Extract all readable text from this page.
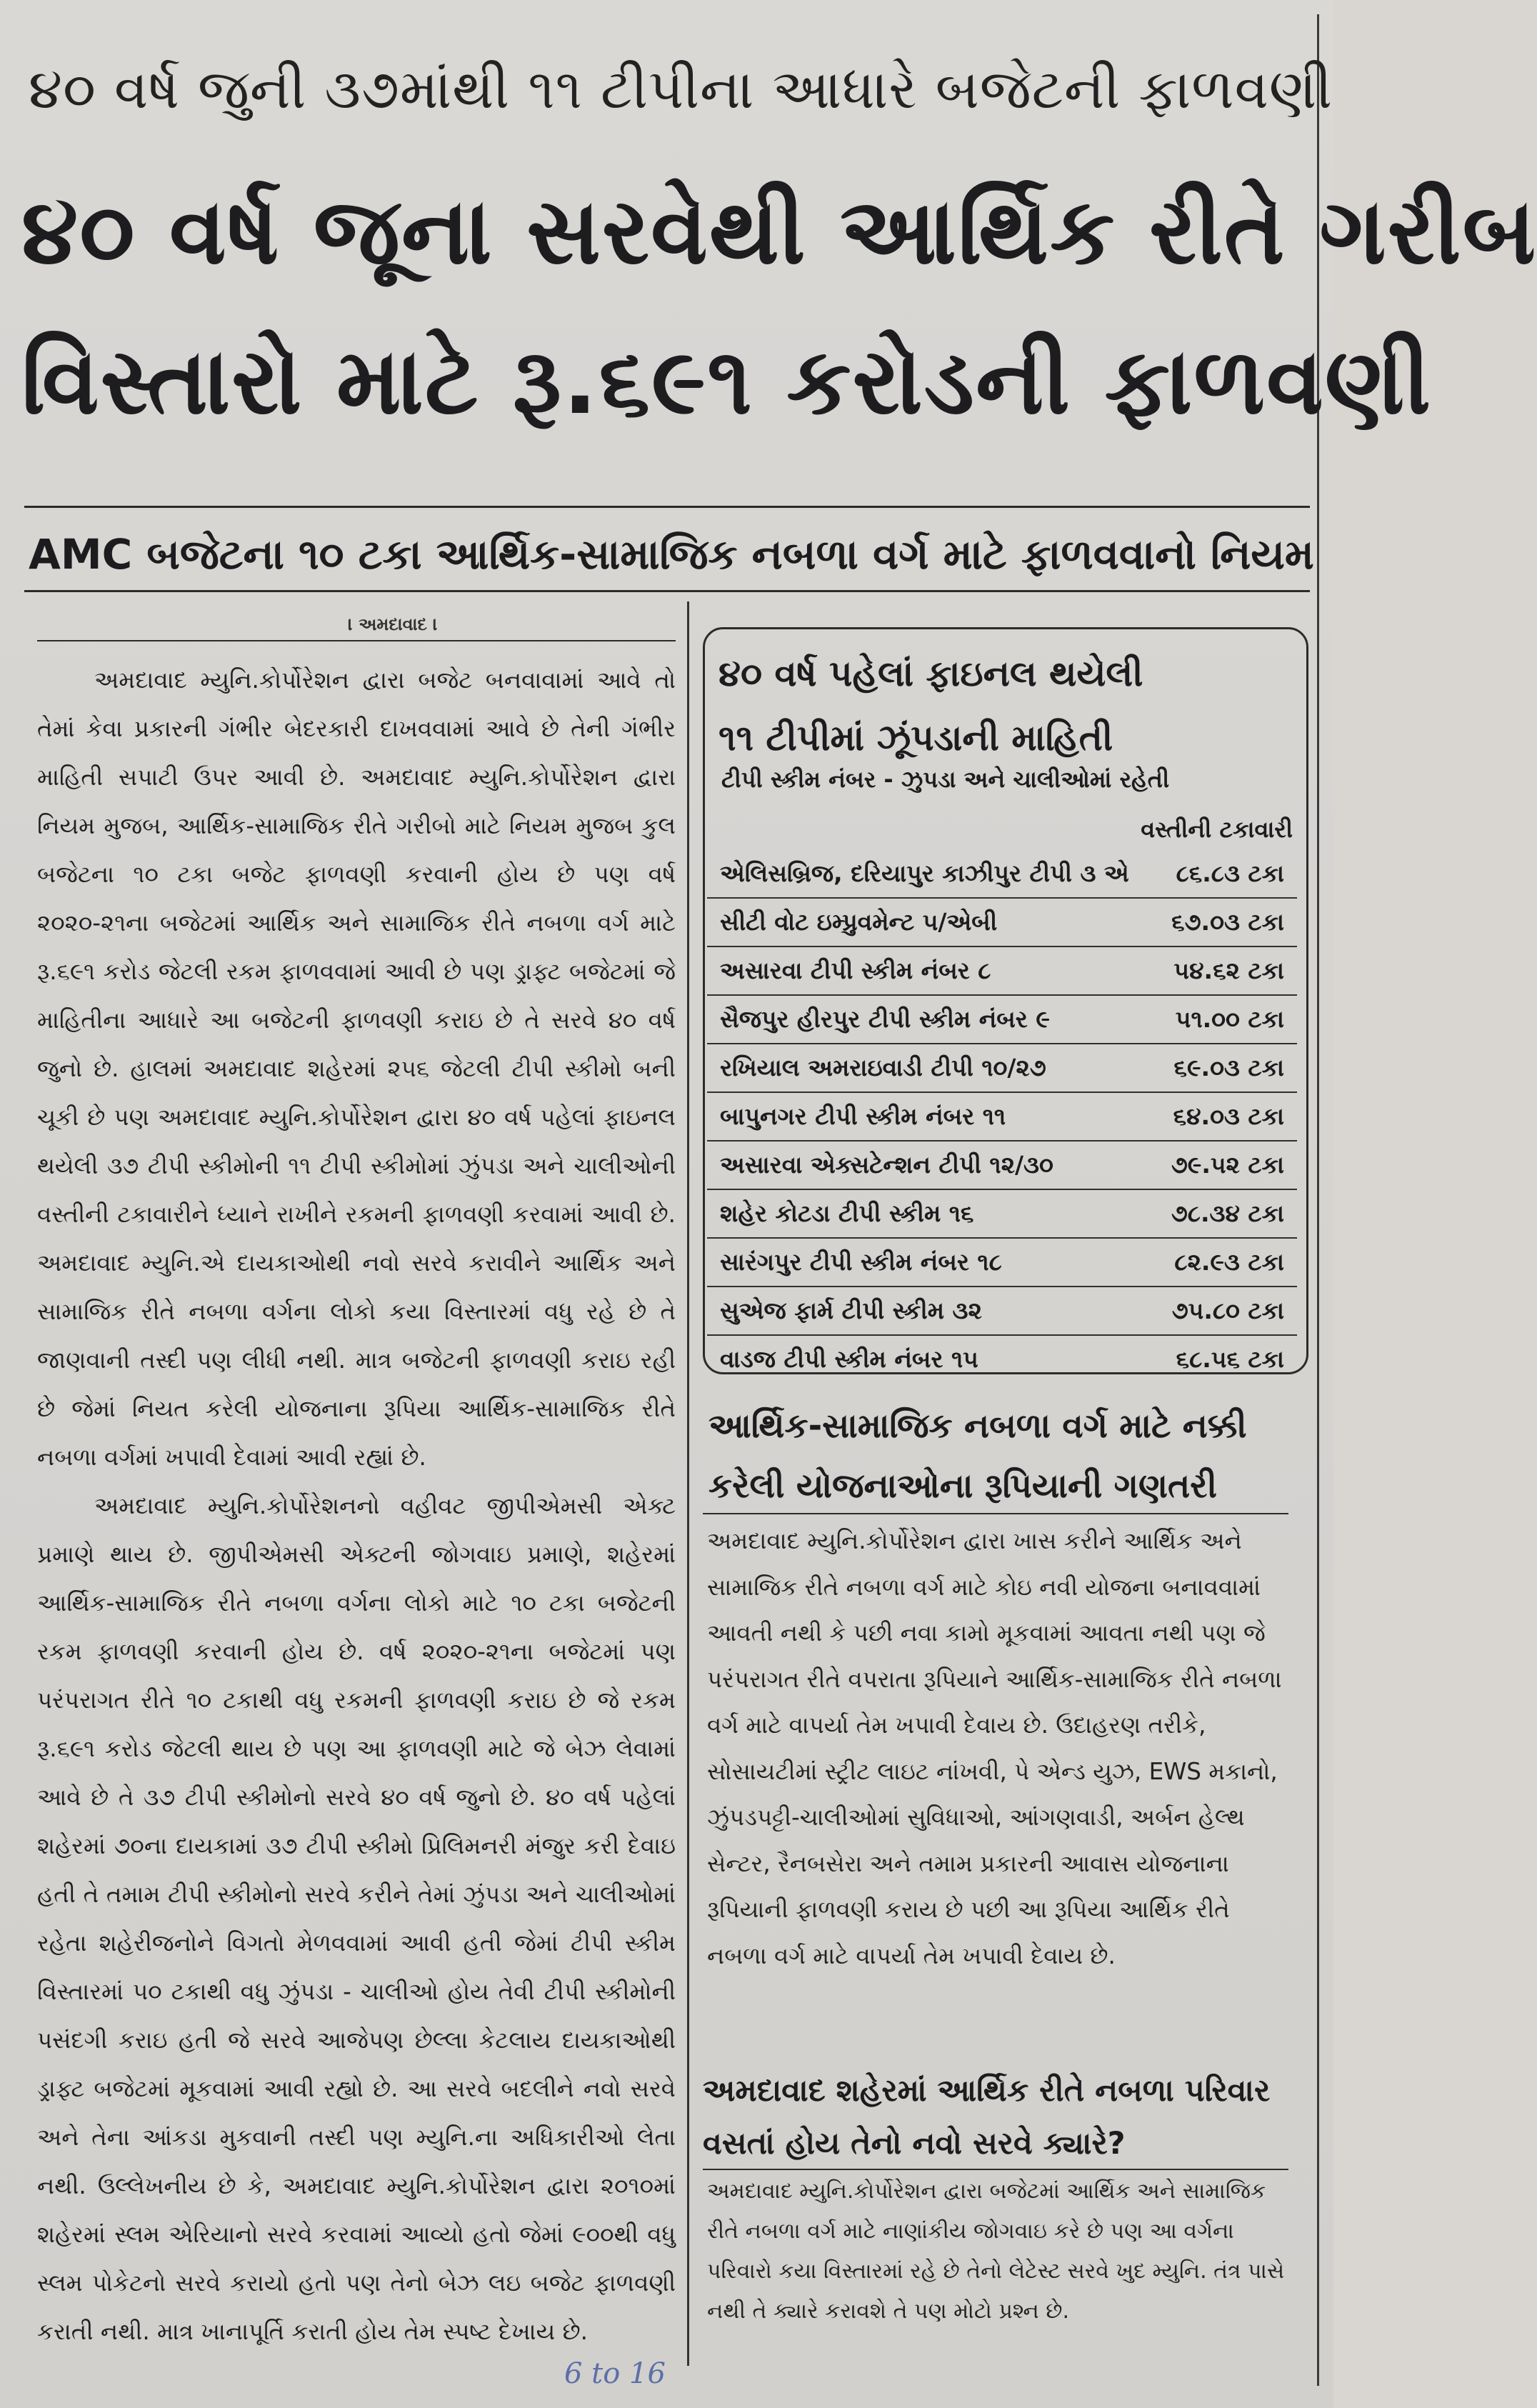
૪૦ વર્ષ જુની ૩૭માંથી ૧૧ ટીપીના આધારે બજેટની ફાળવણી
૪૦ વર્ષ જૂના સરવેથી આર્થિક રીતે ગરીબ
વિસ્તારો માટે રૂ.૬૯૧ કરોડની ફાળવણી
AMC બજેટના ૧૦ ટકા આર્થિક-સામાજિક નબળા વર્ગ માટે ફાળવવાનો નિયમ
। અમદાવાદ ।

અમદાવાદ મ્યુનિ.કોર્પોરેશન દ્વારા બજેટ બનવાવામાં આવે તો તેમાં કેવા પ્રકારની ગંભીર બેદરકારી દાખવવામાં આવે છે તેની ગંભીર માહિતી સપાટી ઉપર આવી છે. અમદાવાદ મ્યુનિ.કોર્પોરેશન દ્વારા નિયમ મુજબ, આર્થિક-સામાજિક રીતે ગરીબો માટે નિયમ મુજબ કુલ બજેટના ૧૦ ટકા બજેટ ફાળવણી કરવાની હોય છે પણ વર્ષ ૨૦૨૦-૨૧ના બજેટમાં આર્થિક અને સામાજિક રીતે નબળા વર્ગ માટે રૂ.૬૯૧ કરોડ જેટલી રકમ ફાળવવામાં આવી છે પણ ડ્રાફ્ટ બજેટમાં જે માહિતીના આધારે આ બજેટની ફાળવણી કરાઇ છે તે સરવે ૪૦ વર્ષ જુનો છે. હાલમાં અમદાવાદ શહેરમાં ૨૫૬ જેટલી ટીપી સ્કીમો બની ચૂકી છે પણ અમદાવાદ મ્યુનિ.કોર્પોરેશન દ્વારા ૪૦ વર્ષ પહેલાં ફાઇનલ થયેલી ૩૭ ટીપી સ્કીમોની ૧૧ ટીપી સ્કીમોમાં ઝુંપડા અને ચાલીઓની વસ્તીની ટકાવારીને ધ્યાને રાખીને રકમની ફાળવણી કરવામાં આવી છે. અમદાવાદ મ્યુનિ.એ દાયકાઓથી નવો સરવે કરાવીને આર્થિક અને સામાજિક રીતે નબળા વર્ગના લોકો કયા વિસ્તારમાં વધુ રહે છે તે જાણવાની તસ્દી પણ લીધી નથી. માત્ર બજેટની ફાળવણી કરાઇ રહી છે જેમાં નિયત કરેલી યોજનાના રૂપિયા આર્થિક-સામાજિક રીતે નબળા વર્ગમાં ખપાવી દેવામાં આવી રહ્યાં છે.

અમદાવાદ મ્યુનિ.કોર્પોરેશનનો વહીવટ જીપીએમસી એક્ટ પ્રમાણે થાય છે. જીપીએમસી એક્ટની જોગવાઇ પ્રમાણે, શહેરમાં આર્થિક-સામાજિક રીતે નબળા વર્ગના લોકો માટે ૧૦ ટકા બજેટની રકમ ફાળવણી કરવાની હોય છે. વર્ષ ૨૦૨૦-૨૧ના બજેટમાં પણ પરંપરાગત રીતે ૧૦ ટકાથી વધુ રકમની ફાળવણી કરાઇ છે જે રકમ રૂ.૬૯૧ કરોડ જેટલી થાય છે પણ આ ફાળવણી માટે જે બેઝ લેવામાં આવે છે તે ૩૭ ટીપી સ્કીમોનો સરવે ૪૦ વર્ષ જુનો છે. ૪૦ વર્ષ પહેલાં શહેરમાં ૭૦ના દાયકામાં ૩૭ ટીપી સ્કીમો પ્રિલિમનરી મંજુર કરી દેવાઇ હતી તે તમામ ટીપી સ્કીમોનો સરવે કરીને તેમાં ઝુંપડા અને ચાલીઓમાં રહેતા શહેરીજનોને વિગતો મેળવવામાં આવી હતી જેમાં ટીપી સ્કીમ વિસ્તારમાં ૫૦ ટકાથી વધુ ઝુંપડા - ચાલીઓ હોય તેવી ટીપી સ્કીમોની પસંદગી કરાઇ હતી જે સરવે આજેપણ છેલ્લા કેટલાય દાયકાઓથી ડ્રાફ્ટ બજેટમાં મૂકવામાં આવી રહ્યો છે. આ સરવે બદલીને નવો સરવે અને તેના આંકડા મુકવાની તસ્દી પણ મ્યુનિ.ના અધિકારીઓ લેતા નથી. ઉલ્લેખનીય છે કે, અમદાવાદ મ્યુનિ.કોર્પોરેશન દ્વારા ૨૦૧૦માં શહેરમાં સ્લમ એરિયાનો સરવે કરવામાં આવ્યો હતો જેમાં ૯૦૦થી વધુ સ્લમ પોકેટનો સરવે કરાયો હતો પણ તેનો બેઝ લઇ બજેટ ફાળવણી કરાતી નથી. માત્ર ખાનાપૂર્તિ કરાતી હોય તેમ સ્પષ્ટ દેખાય છે.

૪૦ વર્ષ પહેલાં ફાઇનલ થયેલી
૧૧ ટીપીમાં ઝૂંપડાની માહિતી
ટીપી સ્કીમ નંબર - ઝુપડા અને ચાલીઓમાં રહેતી
વસ્તીની ટકાવારી
એલિસબ્રિજ, દરિયાપુર કાઝીપુર ટીપી ૩ એ	૮૬.૮૩ ટકા
સીટી વોટ ઇમ્પ્રુવમેન્ટ ૫/એબી	૬૭.૦૩ ટકા
અસારવા ટીપી સ્કીમ નંબર ૮	૫૪.૬૨ ટકા
સૈજપુર હીરપુર ટીપી સ્કીમ નંબર ૯	૫૧.૦૦ ટકા
રખિયાલ અમરાઇવાડી ટીપી ૧૦/૨૭	૬૯.૦૩ ટકા
બાપુનગર ટીપી સ્કીમ નંબર ૧૧	૬૪.૦૩ ટકા
અસારવા એક્સટેન્શન ટીપી ૧૨/૩૦	૭૯.૫૨ ટકા
શહેર કોટડા ટીપી સ્કીમ ૧૬	૭૮.૩૪ ટકા
સારંગપુર ટીપી સ્કીમ નંબર ૧૮	૮૨.૯૩ ટકા
સુએજ ફાર્મ ટીપી સ્કીમ ૩૨	૭૫.૮૦ ટકા
વાડજ ટીપી સ્કીમ નંબર ૧૫	૬૮.૫૬ ટકા
આર્થિક-સામાજિક નબળા વર્ગ માટે નક્કી કરેલી યોજનાઓના રૂપિયાની ગણતરી
અમદાવાદ મ્યુનિ.કોર્પોરેશન દ્વારા ખાસ કરીને આર્થિક અને સામાજિક રીતે નબળા વર્ગ માટે કોઇ નવી યોજના બનાવવામાં આવતી નથી કે પછી નવા કામો મૂકવામાં આવતા નથી પણ જે પરંપરાગત રીતે વપરાતા રૂપિયાને આર્થિક-સામાજિક રીતે નબળા વર્ગ માટે વાપર્યા તેમ ખપાવી દેવાય છે. ઉદાહરણ તરીકે, સોસાયટીમાં સ્ટ્રીટ લાઇટ નાંખવી, પે એન્ડ યુઝ, EWS મકાનો, ઝુંપડપટ્ટી-ચાલીઓમાં સુવિધાઓ, આંગણવાડી, અર્બન હેલ્થ સેન્ટર, રૈનબસેરા અને તમામ પ્રકારની આવાસ યોજનાના રૂપિયાની ફાળવણી કરાય છે પછી આ રૂપિયા આર્થિક રીતે નબળા વર્ગ માટે વાપર્યા તેમ ખપાવી દેવાય છે.
અમદાવાદ શહેરમાં આર્થિક રીતે નબળા પરિવાર વસતાં હોય તેનો નવો સરવે ક્યારે?
અમદાવાદ મ્યુનિ.કોર્પોરેશન દ્વારા બજેટમાં આર્થિક અને સામાજિક રીતે નબળા વર્ગ માટે નાણાંકીય જોગવાઇ કરે છે પણ આ વર્ગના પરિવારો કયા વિસ્તારમાં રહે છે તેનો લેટેસ્ટ સરવે ખુદ મ્યુનિ. તંત્ર પાસે નથી તે ક્યારે કરાવશે તે પણ મોટો પ્રશ્ન છે.
6 to 16
